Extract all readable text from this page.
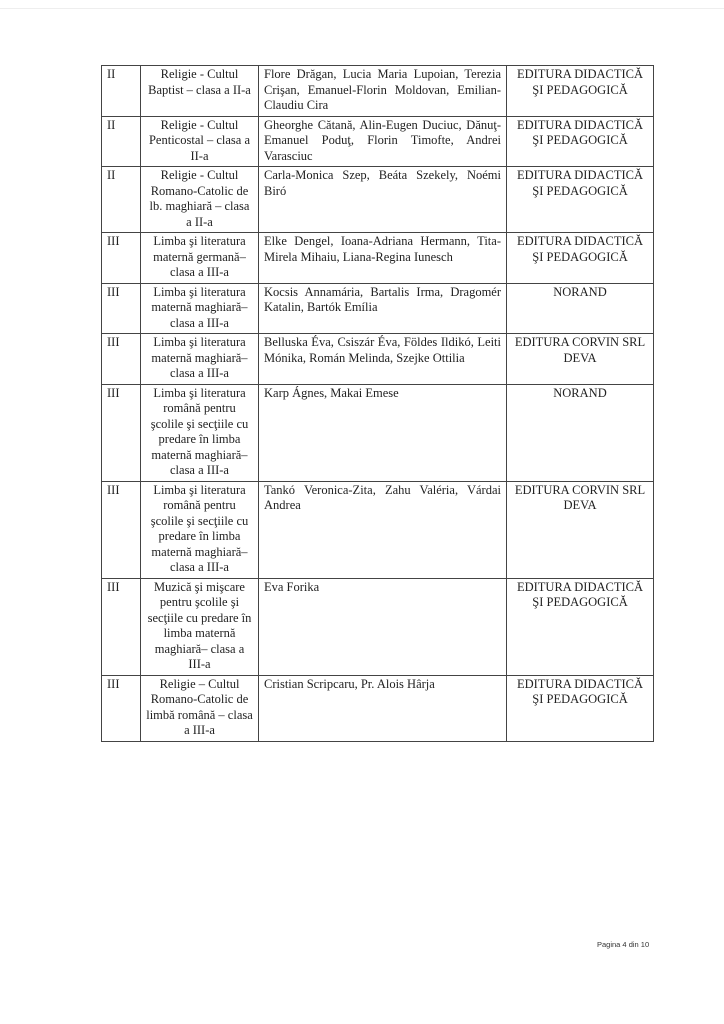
II	Religie - Cultul Baptist – clasa a II-a	Flore Drăgan, Lucia Maria Lupoian, Terezia Crişan, Emanuel-Florin Moldovan, Emilian-Claudiu Cira	EDITURA DIDACTICĂ ŞI PEDAGOGICĂ
II	Religie - Cultul Penticostal – clasa a II-a	Gheorghe Cătană, Alin-Eugen Duciuc, Dănuţ-Emanuel Poduţ, Florin Timofte, Andrei Varasciuc	EDITURA DIDACTICĂ ŞI PEDAGOGICĂ
II	Religie - Cultul Romano-Catolic de lb. maghiară – clasa a II-a	Carla-Monica Szep, Beáta Szekely, Noémi Biró	EDITURA DIDACTICĂ ŞI PEDAGOGICĂ
III	Limba şi literatura maternă germană– clasa a III-a	Elke Dengel, Ioana-Adriana Hermann, Tita-Mirela Mihaiu, Liana-Regina Iunesch	EDITURA DIDACTICĂ ŞI PEDAGOGICĂ
III	Limba şi literatura maternă maghiară– clasa a III-a	Kocsis Annamária, Bartalis Irma, Dragomér Katalin, Bartók Emília	NORAND
III	Limba şi literatura maternă maghiară– clasa a III-a	Belluska Éva, Csiszár Éva, Földes Ildikó, Leiti Mónika, Román Melinda, Szejke Ottilia	EDITURA CORVIN SRL DEVA
III	Limba şi literatura română pentru şcolile şi secţiile cu predare în limba maternă maghiară– clasa a III-a	Karp Ágnes, Makai Emese	NORAND
III	Limba şi literatura română pentru şcolile şi secţiile cu predare în limba maternă maghiară– clasa a III-a	Tankó Veronica-Zita, Zahu Valéria, Várdai Andrea	EDITURA CORVIN SRL DEVA
III	Muzică şi mişcare pentru şcolile şi secţiile cu predare în limba maternă maghiară– clasa a III-a	Eva Forika	EDITURA DIDACTICĂ ŞI PEDAGOGICĂ
III	Religie – Cultul Romano-Catolic de limbă română – clasa a III-a	Cristian Scripcaru, Pr. Alois Hârja	EDITURA DIDACTICĂ ŞI PEDAGOGICĂ
Pagina 4 din 10
